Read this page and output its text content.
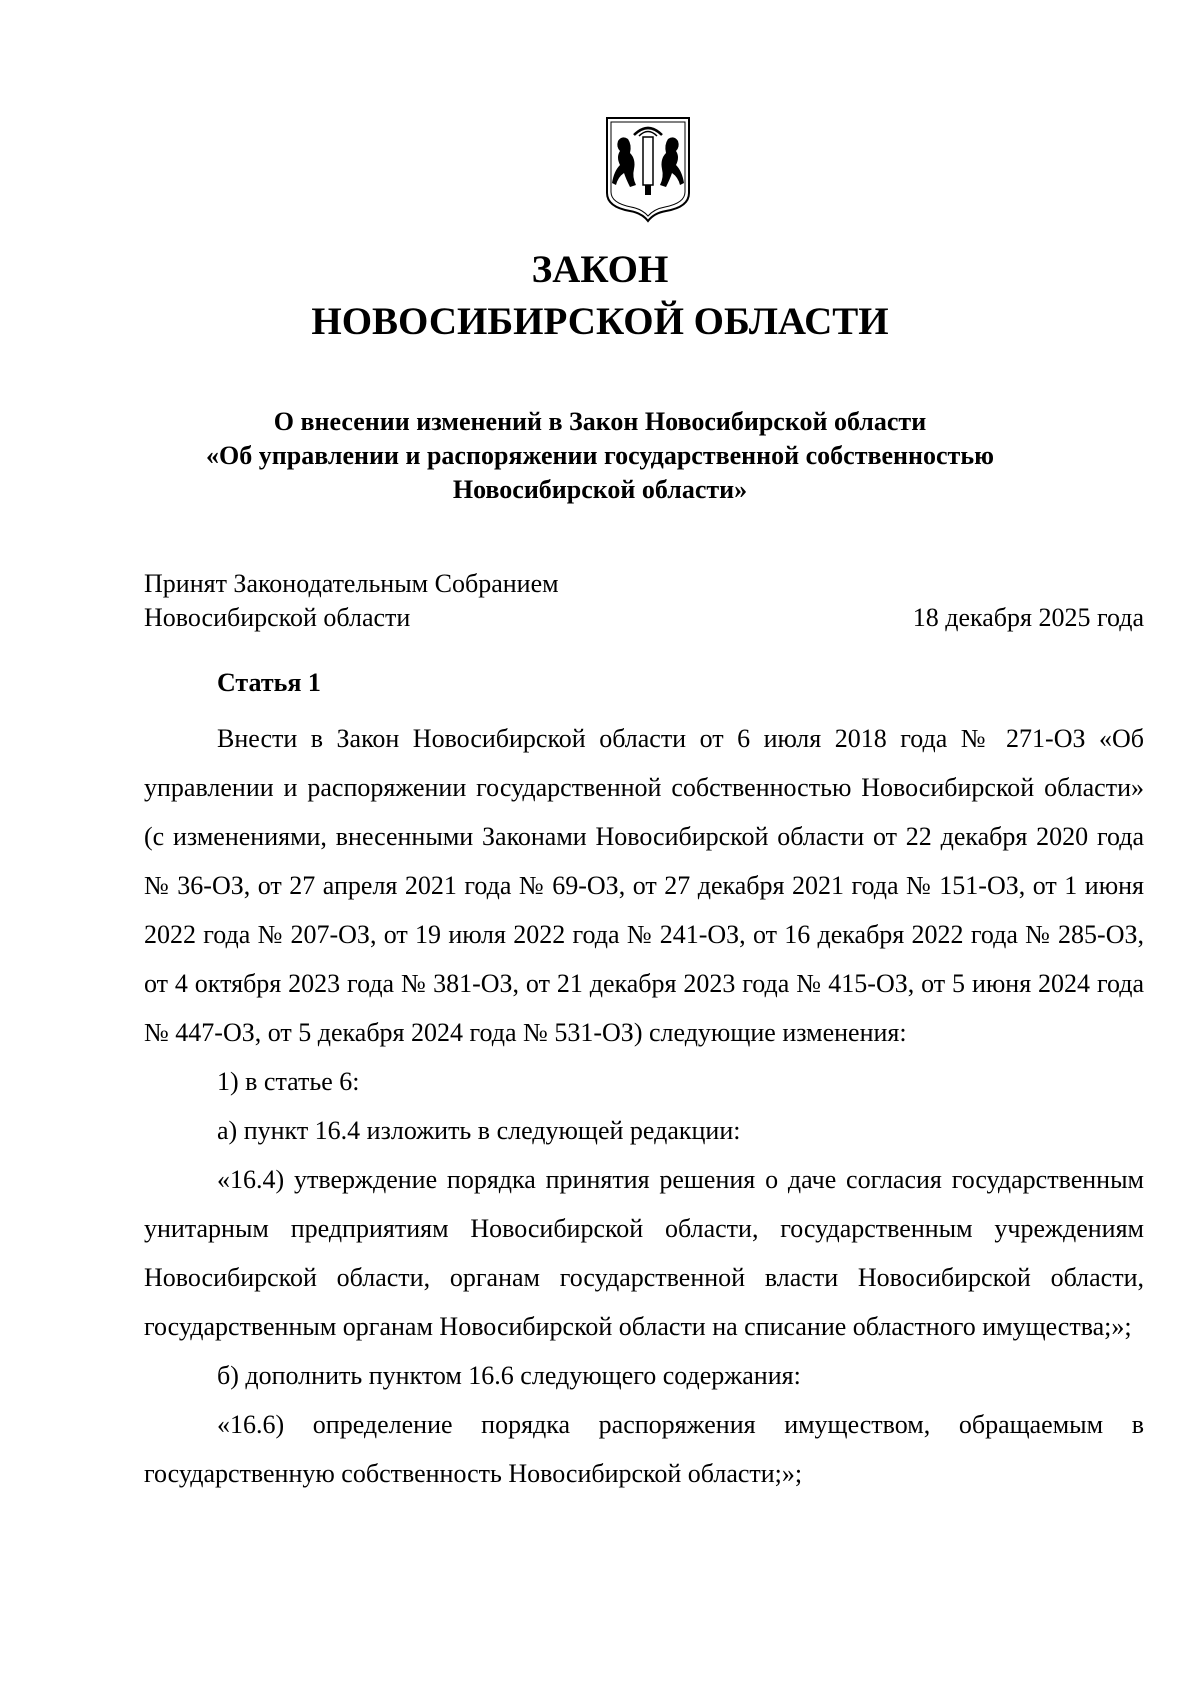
ЗАКОН
НОВОСИБИРСКОЙ ОБЛАСТИ
О внесении изменений в Закон Новосибирской области
«Об управлении и распоряжении государственной собственностью
Новосибирской области»
Принят Законодательным Собранием
Новосибирской области	18 декабря 2025 года
Статья 1

Внести в Закон Новосибирской области от 6 июля 2018 года № 271-ОЗ «Об управлении и распоряжении государственной собственностью Новосибирской области» (с изменениями, внесенными Законами Новосибирской области от 22 декабря 2020 года № 36-ОЗ, от 27 апреля 2021 года № 69-ОЗ, от 27 декабря 2021 года № 151-ОЗ, от 1 июня 2022 года № 207-ОЗ, от 19 июля 2022 года № 241-ОЗ, от 16 декабря 2022 года № 285-ОЗ, от 4 октября 2023 года № 381-ОЗ, от 21 декабря 2023 года № 415-ОЗ, от 5 июня 2024 года № 447-ОЗ, от 5 декабря 2024 года № 531-ОЗ) следующие изменения:

1) в статье 6:

а) пункт 16.4 изложить в следующей редакции:

«16.4) утверждение порядка принятия решения о даче согласия государственным унитарным предприятиям Новосибирской области, государственным учреждениям Новосибирской области, органам государственной власти Новосибирской области, государственным органам Новосибирской области на списание областного имущества;»;

б) дополнить пунктом 16.6 следующего содержания:

«16.6) определение порядка распоряжения имуществом, обращаемым в государственную собственность Новосибирской области;»;
